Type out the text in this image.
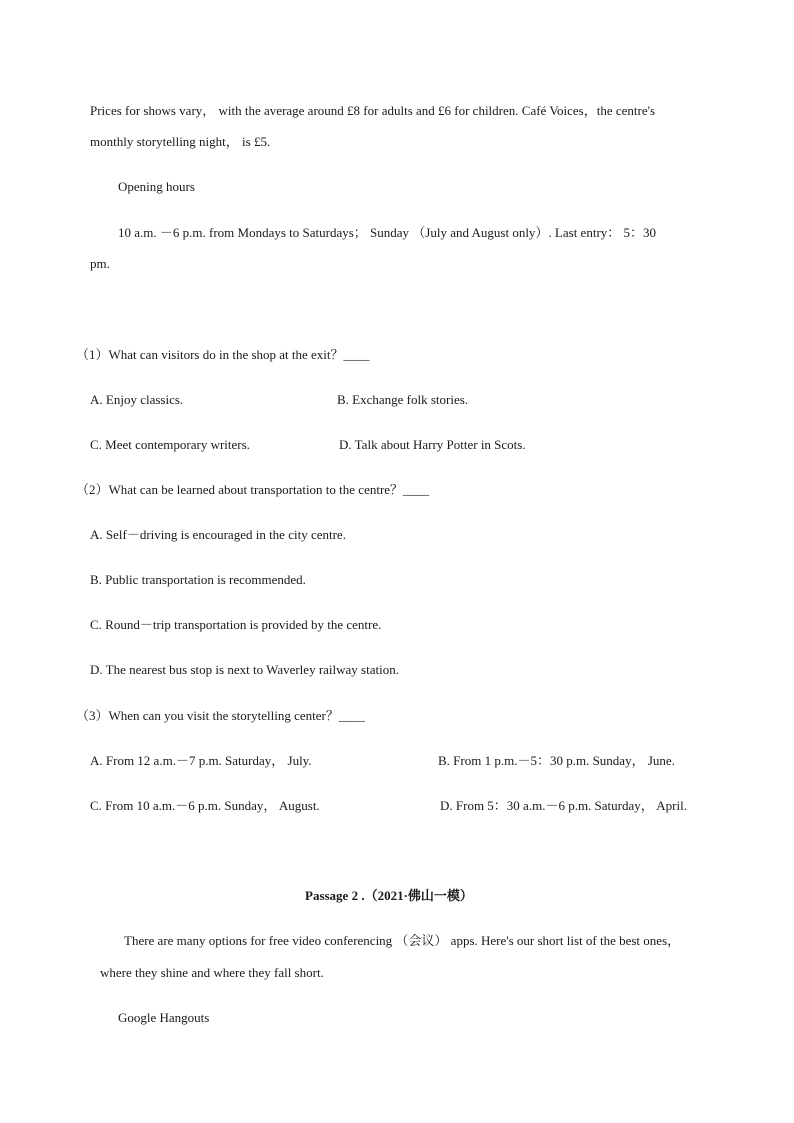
Prices for shows vary， with the average around £8 for adults and £6 for children. Café Voices，the centre's
monthly storytelling night， is £5.
Opening hours
10 a.m. －6 p.m. from Mondays to Saturdays； Sunday （July and August only）. Last entry： 5：30
pm.
（1）What can visitors do in the shop at the exit？____
A. Enjoy classics.	B. Exchange folk stories.
C. Meet contemporary writers.	D. Talk about Harry Potter in Scots.
（2）What can be learned about transportation to the centre？____
A. Self－driving is encouraged in the city centre.
B. Public transportation is recommended.
C. Round－trip transportation is provided by the centre.
D. The nearest bus stop is next to Waverley railway station.
（3）When can you visit the storytelling center？____
A. From 12 a.m.－7 p.m. Saturday， July.	B. From 1 p.m.－5：30 p.m. Sunday， June.
C. From 10 a.m.－6 p.m. Sunday， August.	D. From 5：30 a.m.－6 p.m. Saturday， April.
Passage 2 .（2021·佛山一模）
There are many options for free video conferencing （会议） apps. Here's our short list of the best ones，
where they shine and where they fall short.
Google Hangouts
